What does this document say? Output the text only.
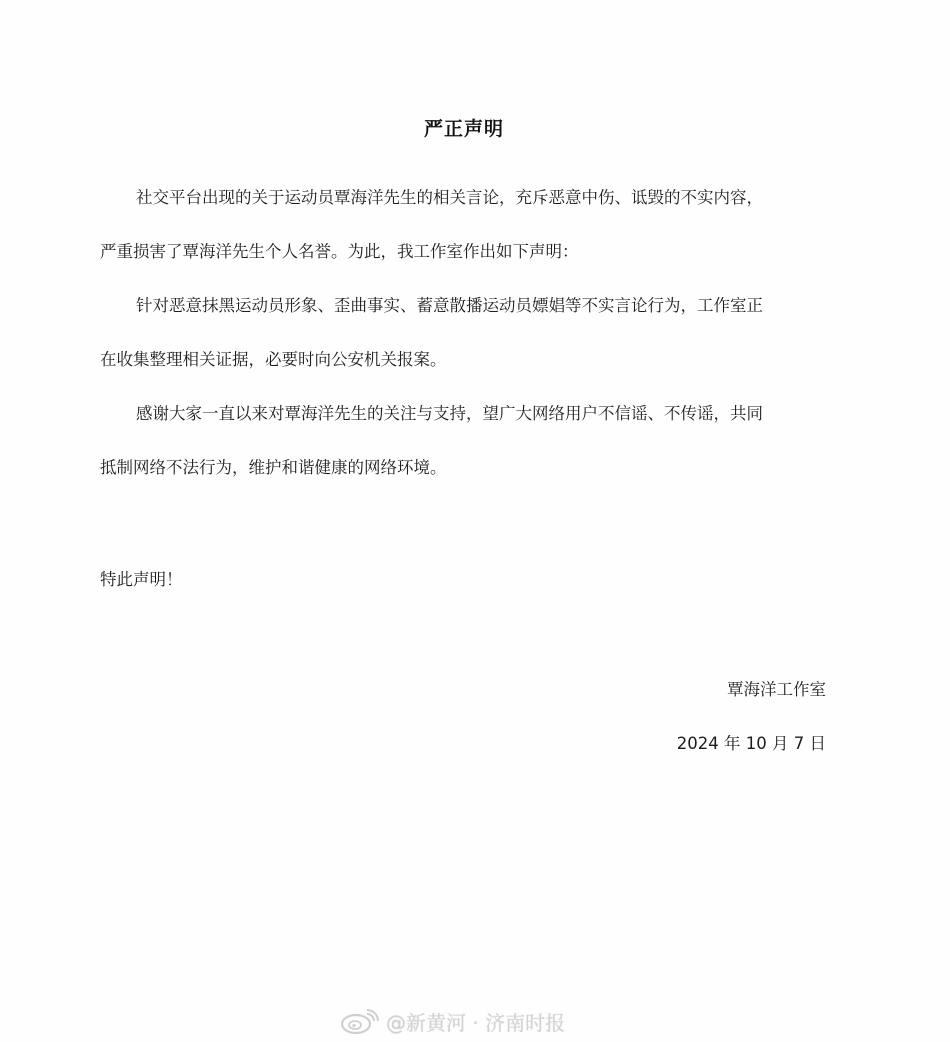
严正声明
社交平台出现的关于运动员覃海洋先生的相关言论，充斥恶意中伤、诋毁的不实内容，
严重损害了覃海洋先生个人名誉。为此，我工作室作出如下声明：
针对恶意抹黑运动员形象、歪曲事实、蓄意散播运动员嫖娼等不实言论行为，工作室正
在收集整理相关证据，必要时向公安机关报案。
感谢大家一直以来对覃海洋先生的关注与支持，望广大网络用户不信谣、不传谣，共同
抵制网络不法行为，维护和谐健康的网络环境。
特此声明！
覃海洋工作室
2024 年 10 月 7 日
@新黄河 · 济南时报
